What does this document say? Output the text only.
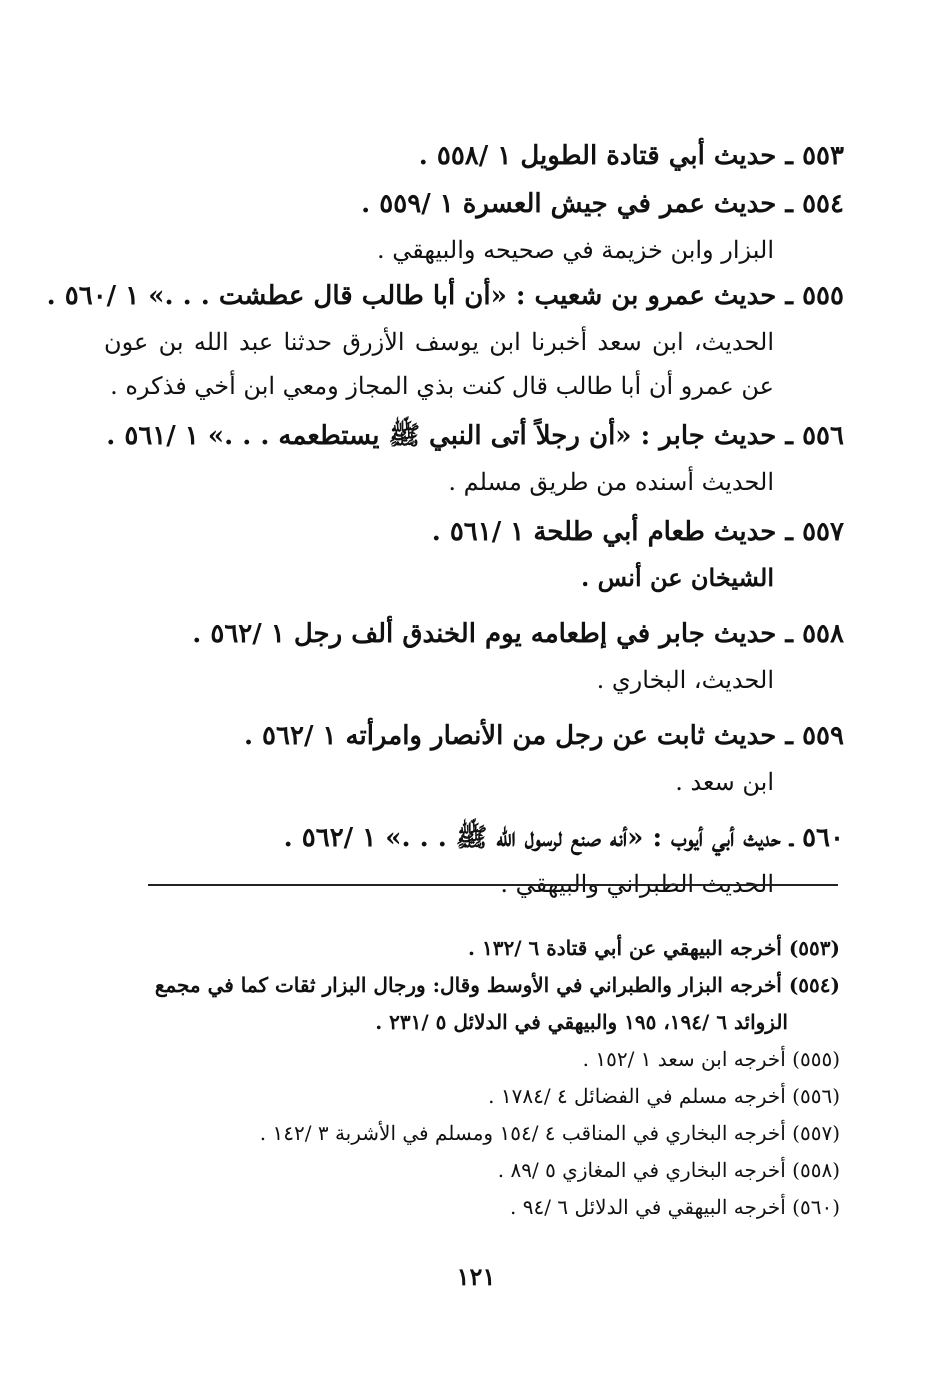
٥٥٣ ـ حديث أبي قتادة الطويل ١ /٥٥٨ .
٥٥٤ ـ حديث عمر في جيش العسرة ١ /٥٥٩ .
البزار وابن خزيمة في صحيحه والبيهقي .
٥٥٥ ـ حديث عمرو بن شعيب : «أن أبا طالب قال عطشت . . .» ١ /٥٦٠ .
الحديث، ابن سعد أخبرنا ابن يوسف الأزرق حدثنا عبد الله بن عون عن عمرو أن أبا طالب قال كنت بذي المجاز ومعي ابن أخي فذكره .
٥٥٦ ـ حديث جابر : «أن رجلاً أتى النبي ﷺ يستطعمه . . .» ١ /٥٦١ .
الحديث أسنده من طريق مسلم .
٥٥٧ ـ حديث طعام أبي طلحة ١ /٥٦١ .
الشيخان عن أنس .
٥٥٨ ـ حديث جابر في إطعامه يوم الخندق ألف رجل ١ /٥٦٢ .
الحديث، البخاري .
٥٥٩ ـ حديث ثابت عن رجل من الأنصار وامرأته ١ /٥٦٢ .
ابن سعد .
٥٦٠ ـ حديث أبي أيوب : «أنه صنع لرسول الله ﷺ . . .» ١ /٥٦٢ .
الحديث الطبراني والبيهقي .
(٥٥٣) أخرجه البيهقي عن أبي قتادة ٦ /١٣٢ .
(٥٥٤) أخرجه البزار والطبراني في الأوسط وقال: ورجال البزار ثقات كما في مجمع
الزوائد ٦ /١٩٤، ١٩٥ والبيهقي في الدلائل ٥ /٢٣١ .
(٥٥٥) أخرجه ابن سعد ١ /١٥٢ .
(٥٥٦) أخرجه مسلم في الفضائل ٤ /١٧٨٤ .
(٥٥٧) أخرجه البخاري في المناقب ٤ /١٥٤ ومسلم في الأشربة ٣ /١٤٢ .
(٥٥٨) أخرجه البخاري في المغازي ٥ /٨٩ .
(٥٦٠) أخرجه البيهقي في الدلائل ٦ /٩٤ .
١٢١
